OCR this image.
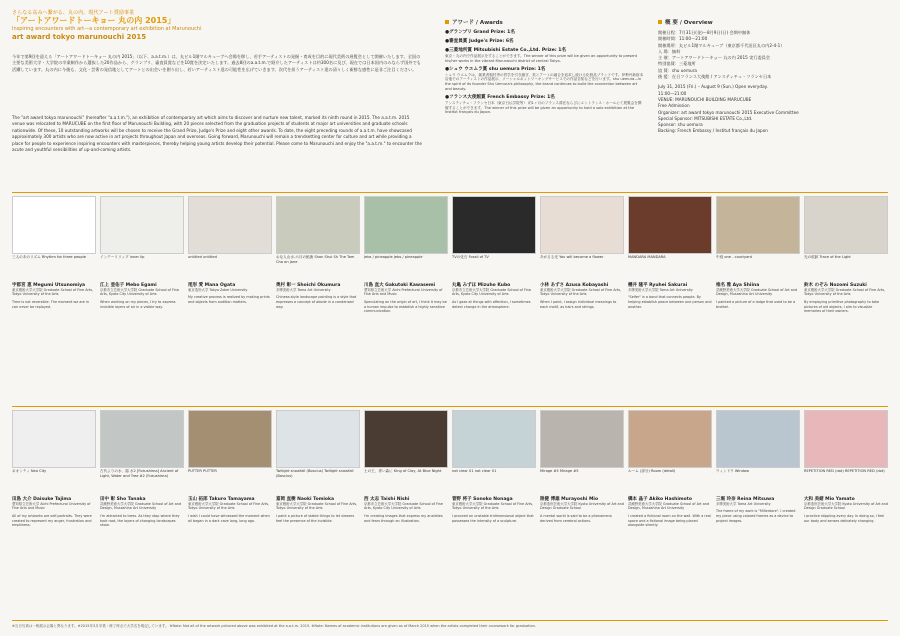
さらなる高みへ繋がる、丸の内、現代アート奨励事業
「アートアワードトーキョー 丸の内 2015」
Inspiring encounters with art—a contemporary art exhibition at Marunouchi
art award tokyo marunouchi 2015
今年で第9回を迎える「アートアワードトーキョー 丸の内 2015」（以下、a.a.t.m.）は、丸ビル1階マルキューブへ会場を移し、若手アーティストの発掘・育成を目的に現代美術の展覧会として開催いたします。全国の主要な美術大学・大学院の卒業制作から選抜した20作品から、グランプリ、審査員賞などを10賞を決定いたします。過去8回のa.a.t.m.で紹介したアーティストは約300名に及び、現在では日本国内のみならず国外でも活躍しています。丸の内に今後も、文化・芸術の発信地としてアートとの出会いを創り出し、若いアーティスト達の可能性を広げていきます。次代を担うアーティスト達の清々しく新鮮な感性に是非ご注目ください。
The "art award tokyo marunouchi" (hereafter "a.a.t.m."), an exhibition of contemporary art which aims to discover and nurture new talent, marked its ninth round in 2015. The a.a.t.m. 2015 venue was relocated to MARUCUBE on the first floor of Marunouchi Building, with 20 pieces selected from the graduation projects of students at major art universities and graduate schools nationwide. Of these, 10 outstanding artworks will be chosen to receive the Grand Prize, Judge's Prize and eight other awards. To date, the eight preceding rounds of a.a.t.m. have showcased approximately 300 artists who are now active in art projects throughout Japan and overseas. Going forward, Marunouchi will remain a trendsetting center for culture and art while providing a place for people to experience inspiring encounters with masterpieces, thereby helping young artists develop their potential. Please come to Marunouchi and enjoy the "a.a.t.m." to encounter the acute and youthful sensibilities of up-and-coming artists.
アワード / Awards
●グランプリ Grand Prize: 1名
●審査員賞 Judge's Prize: 6名
●三菱地所賞 Mitsubishi Estate Co.,Ltd. Prize: 1名
東京・丸の内で作品展示をすることができます。The winner of this prize will be given an opportunity to present his/her works in the vibrant Marunouchi district of central Tokyo.
●シュウ ウエムラ賞 shu uemura Prize: 1名
シュウ ウエムラは、創業者植村秀の哲学を引き継ぎ、美とアートの融合を追求し続ける化粧品ブランドです。伊勢丹新宿本店他でのアーティストの作品展示、ソーシャルネットワーキングサービスでの作品告知などを行います。shu uemura—in the spirit of its founder Shu Uemura's philosophy, the brand continues to build the connection between art and beauty.
●フランス大使館賞 French Embassy Prize: 1名
アンスティチュ・フランセ日本（東京日仏学院等） 約1ヶ月のフランス滞在ならびにエントランス・ホールにて展覧会を開催することができます。The winner of this prize will be given an opportunity to hold a solo exhibition at the Institut français du Japon.
概 要 / Overview
開催日程：7月31日(金)～8月9日(日) 会期中無休
開催時間：11:00～21:00
開催場所：丸ビル1階マルキューブ（東京都千代田区丸の内2-4-1）
入 場：無料
主 催：アートアワードトーキョー 丸の内 2015 実行委員会
特別協賛：三菱地所
協 賛：shu uemura
後 援：在日フランス大使館 / アンスティチュ・フランセ日本
July 31, 2015 (Fri.) – August 9 (Sun.) Open everyday.
11:00—21:00
VENUE: MARUNOUCHI BUILDING MARUCUBE
Free Admission
Organizer: art award tokyo marunouchi 2015 Executive Committee
Special Sponsor: MITSUBISHI ESTATE Co.,Ltd.
Sponsor: shu uemura
Backing: French Embassy / Institut français du Japon
三人のあのリズム Rhythm for three people
宇都宮 恵 Megumi Utsunomiya
東京藝術大学大学院 Graduate School of Fine Arts, Tokyo University of the Arts
Time is not reversible. The moment we are in can never be replayed.
インテーリリップ inner lip
江上 亜佑子 Mebo Egami
京都市立芸術大学大学院 Graduate School of Fine Arts, Kyoto City University of Arts
When working on my pieces, I try to express invisible layers of air in a visible way.
untitled untitled
尾形 愛 Mana Ogata
東京造形大学 Tokyo Zokei University
My creative process is realized by making prints and objects from audition matters.
おな人山水-六月の鮎漁 Shan Shui Sh The Tam Cha on Jone
奥村 彰一 Shoichi Okumura
多摩美術大学 Tama Art University
Chinese-style landscape painting is a style that expresses a concept of abode in a condensed way.
Jebs / pineapple Jebs / pineapple
川島 直大 Gakutoki Kawasemi
愛知県立芸術大学 Aichi Prefectural University of Fine Arts and Music
Speculating on the origin of art, I think it may be a human impulse to establish a highly sensitive communication.
TVの化石 Fossil of TV
丸亀 みずほ Mizuho Kubo
京都市立芸術大学大学院 Graduate School of Fine Arts, Kyoto City University of Arts
As I gaze at things with affection, I sometimes detect change in the atmosphere.
あがるる光 You will become a flower
小林 あずさ Azusa Kobayashi
東京藝術大学大学院 Graduate School of Fine Arts, Tokyo University of the Arts
When I paint, I assign individual meanings to each motif, as hairs and strings.
MANDARA MANDARA
櫻井 隆平 Ryuhei Sakurai
多摩美術大学大学院 Tama Art University
"Seifer" is a bond that connects people. By helping establish peace between one person and another.
中庭 one - courtyard
椎名 雅 Aya Shiina
武蔵野美術大学大学院 Graduate School of Art and Design, Musashino Art University
I painted a picture of a lodge that used to be a brothel.
光の痕跡 Trace of the Light
鈴木 のぞみ Nozomi Suzuki
東京藝術大学大学院 Graduate School of Fine Arts, Tokyo University of the Arts
By employing primitive photography to take pictures of old objects, I aim to visualize memories of their owners.
ネオンティ Neo City
田島 大介 Daisuke Tajima
愛知県立芸術大学 Aichi Prefectural University of Fine Arts and Music
All of my artworks are self-portraits. They were created to represent my anger, frustration and emptiness.
古代よりの水、湯 水2 [Fukushima] Ancient of Light, Water and Tree #2 (Fukushima)
田中 彰 Sho Tanaka
武蔵野美術大学大学院 Graduate School of Art and Design, Musashino Art University
I'm attracted to trees. As they stop where they took root, the layers of changing landscapes show.
PUTTER PUTTER
玉山 拓郎 Takuro Tamayama
東京藝術大学大学院 Graduate School of Fine Arts, Tokyo University of the Arts
I wish I could have witnessed the moment when all began in a dark cave long, long ago.
Twilight snowfall (Boscius) Twilight snowfall (Boscius)
富岡 直樹 Naoki Tomioka
東京藝術大学大学院 Graduate School of Fine Arts, Tokyo University of the Arts
I paint a picture of stable things to let viewers feel the presence of the invisible.
土の王、青い森に King of Clay, At Blue Night
西 太志 Taishi Nishi
京都市立芸術大学大学院 Graduate School of Fine Arts, Kyoto City University of Arts
I'm creating images that express my anxieties and fears through an illustration.
not clear 01 not clear 01
菅野 将子 Sonoko Nonaga
東京藝術大学大学院 Graduate School of Fine Arts, Tokyo University of the Arts
I proceed on unstable tridimensional object that possesses the intensity of a sculpture.
Mirage #5 Mirage #5
陸健 博雄 Murayoshi Mio
京都造形芸術大学大学院 Kyoto University of Art and Design Graduate School
A mental world is said to be a phenomena derived from cerebral actions.
ルーム (部分) Room (detail)
橋本 晶子 Akiko Hashimoto
武蔵野美術大学大学院 Graduate School of Art and Design, Musashino Art University
I created a fictional room on the wall. With a real space and a fictional image being placed alongside silently.
ウィンドウ Window
三堀 玲奈 Reina Mitsuwa
多摩美術大学 Tama Art University
The frame of my work is "Millerdore". I created my piece using colored frames as a device to project images.
REPETITION RED (dot) REPETITION RED (dot)
大和 美緒 Mio Yamato
京都造形芸術大学大学院 Kyoto University of Art and Design Graduate School
I practice stippling every day. In doing so, I feel our body and senses delicately changing.
※当日写真は一般展示会場と異なります。※2015年3月卒業・修了時点で大学名を明記しています。 ※Note: Not all of the artwork pictured above was exhibited at the a.a.t.m. 2015. ※Note: Names of academic institutions are given as of March 2015 when the artists completed their coursework for graduation.
